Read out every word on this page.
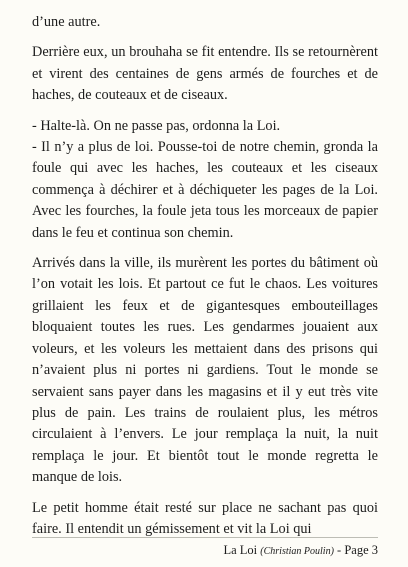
d’une autre.

Derrière eux, un brouhaha se fit entendre. Ils se retournèrent et virent des centaines de gens armés de fourches et de haches, de couteaux et de ciseaux.

- Halte-là. On ne passe pas, ordonna la Loi.

- Il n’y a plus de loi. Pousse-toi de notre chemin, gronda la foule qui avec les haches, les couteaux et les ciseaux commença à déchirer et à déchiqueter les pages de la Loi. Avec les fourches, la foule jeta tous les morceaux de papier dans le feu et continua son chemin.

Arrivés dans la ville, ils murèrent les portes du bâtiment où l’on votait les lois. Et partout ce fut le chaos. Les voitures grillaient les feux et de gigantesques embouteillages bloquaient toutes les rues. Les gendarmes jouaient aux voleurs, et les voleurs les mettaient dans des prisons qui n’avaient plus ni portes ni gardiens. Tout le monde se servaient sans payer dans les magasins et il y eut très vite plus de pain. Les trains de roulaient plus, les métros circulaient à l’envers. Le jour remplaça la nuit, la nuit remplaça le jour. Et bientôt tout le monde regretta le manque de lois.

Le petit homme était resté sur place ne sachant pas quoi faire. Il entendit un gémissement et vit la Loi qui

La Loi (Christian Poulin) - Page 3
